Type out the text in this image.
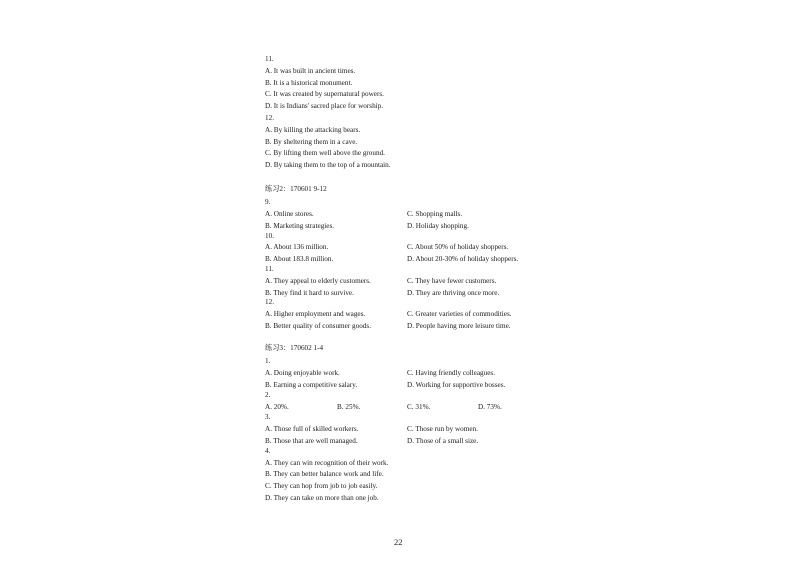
11.
A. It was built in ancient times.
B. It is a historical monument.
C. It was created by supernatural powers.
D. It is Indians' sacred place for worship.
12.
A. By killing the attacking bears.
B. By sheltering them in a cave.
C. By lifting them well above the ground.
D. By taking them to the top of a mountain.
练习2：170601 9-12
9.
A. Online stores.	C. Shopping malls.
B. Marketing strategies.	D. Holiday shopping.
10.
A. About 136 million.	C. About 50% of holiday shoppers.
B. About 183.8 million.	D. About 20-30% of holiday shoppers.
11.
A. They appeal to elderly customers.	C. They have fewer customers.
B. They find it hard to survive.	D. They are thriving once more.
12.
A. Higher employment and wages.	C. Greater varieties of commodities.
B. Better quality of consumer goods.	D. People having more leisure time.
练习3：170602 1-4
1.
A. Doing enjoyable work.	C. Having friendly colleagues.
B. Earning a competitive salary.	D. Working for supportive bosses.
2.
A. 20%.	B. 25%.	C. 31%.	D. 73%.
3.
A. Those full of skilled workers.	C. Those run by women.
B. Those that are well managed.	D. Those of a small size.
4.
A. They can win recognition of their work.
B. They can better balance work and life.
C. They can hop from job to job easily.
D. They can take on more than one job.
22
